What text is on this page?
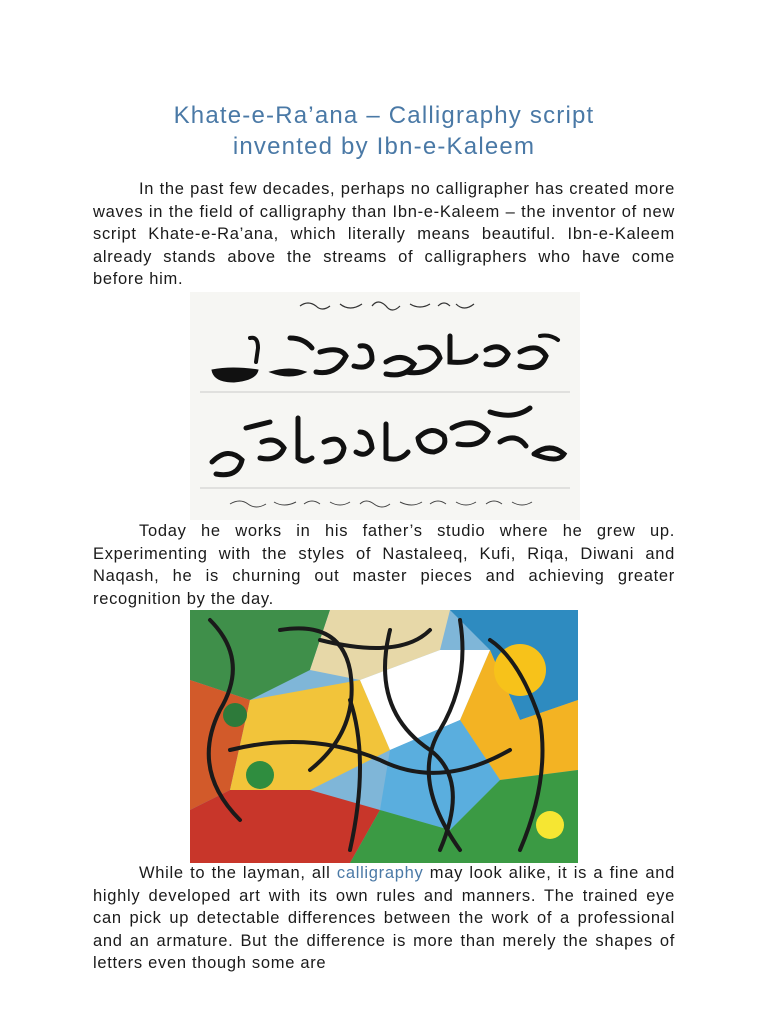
Khate-e-Ra’ana – Calligraphy script
invented by Ibn-e-Kaleem

In the past few decades, perhaps no calligrapher has created more waves in the field of calligraphy than Ibn-e-Kaleem – the inventor of new script Khate-e-Ra’ana, which literally means beautiful. Ibn-e-Kaleem already stands above the streams of calligraphers who have come before him.

Today he works in his father’s studio where he grew up. Experimenting with the styles of Nastaleeq, Kufi, Riqa, Diwani and Naqash, he is churning out master pieces and achieving greater recognition by the day.

While to the layman, all calligraphy may look alike, it is a fine and highly developed art with its own rules and manners. The trained eye can pick up detectable differences between the work of a professional and an armature. But the difference is more than merely the shapes of letters even though some are
